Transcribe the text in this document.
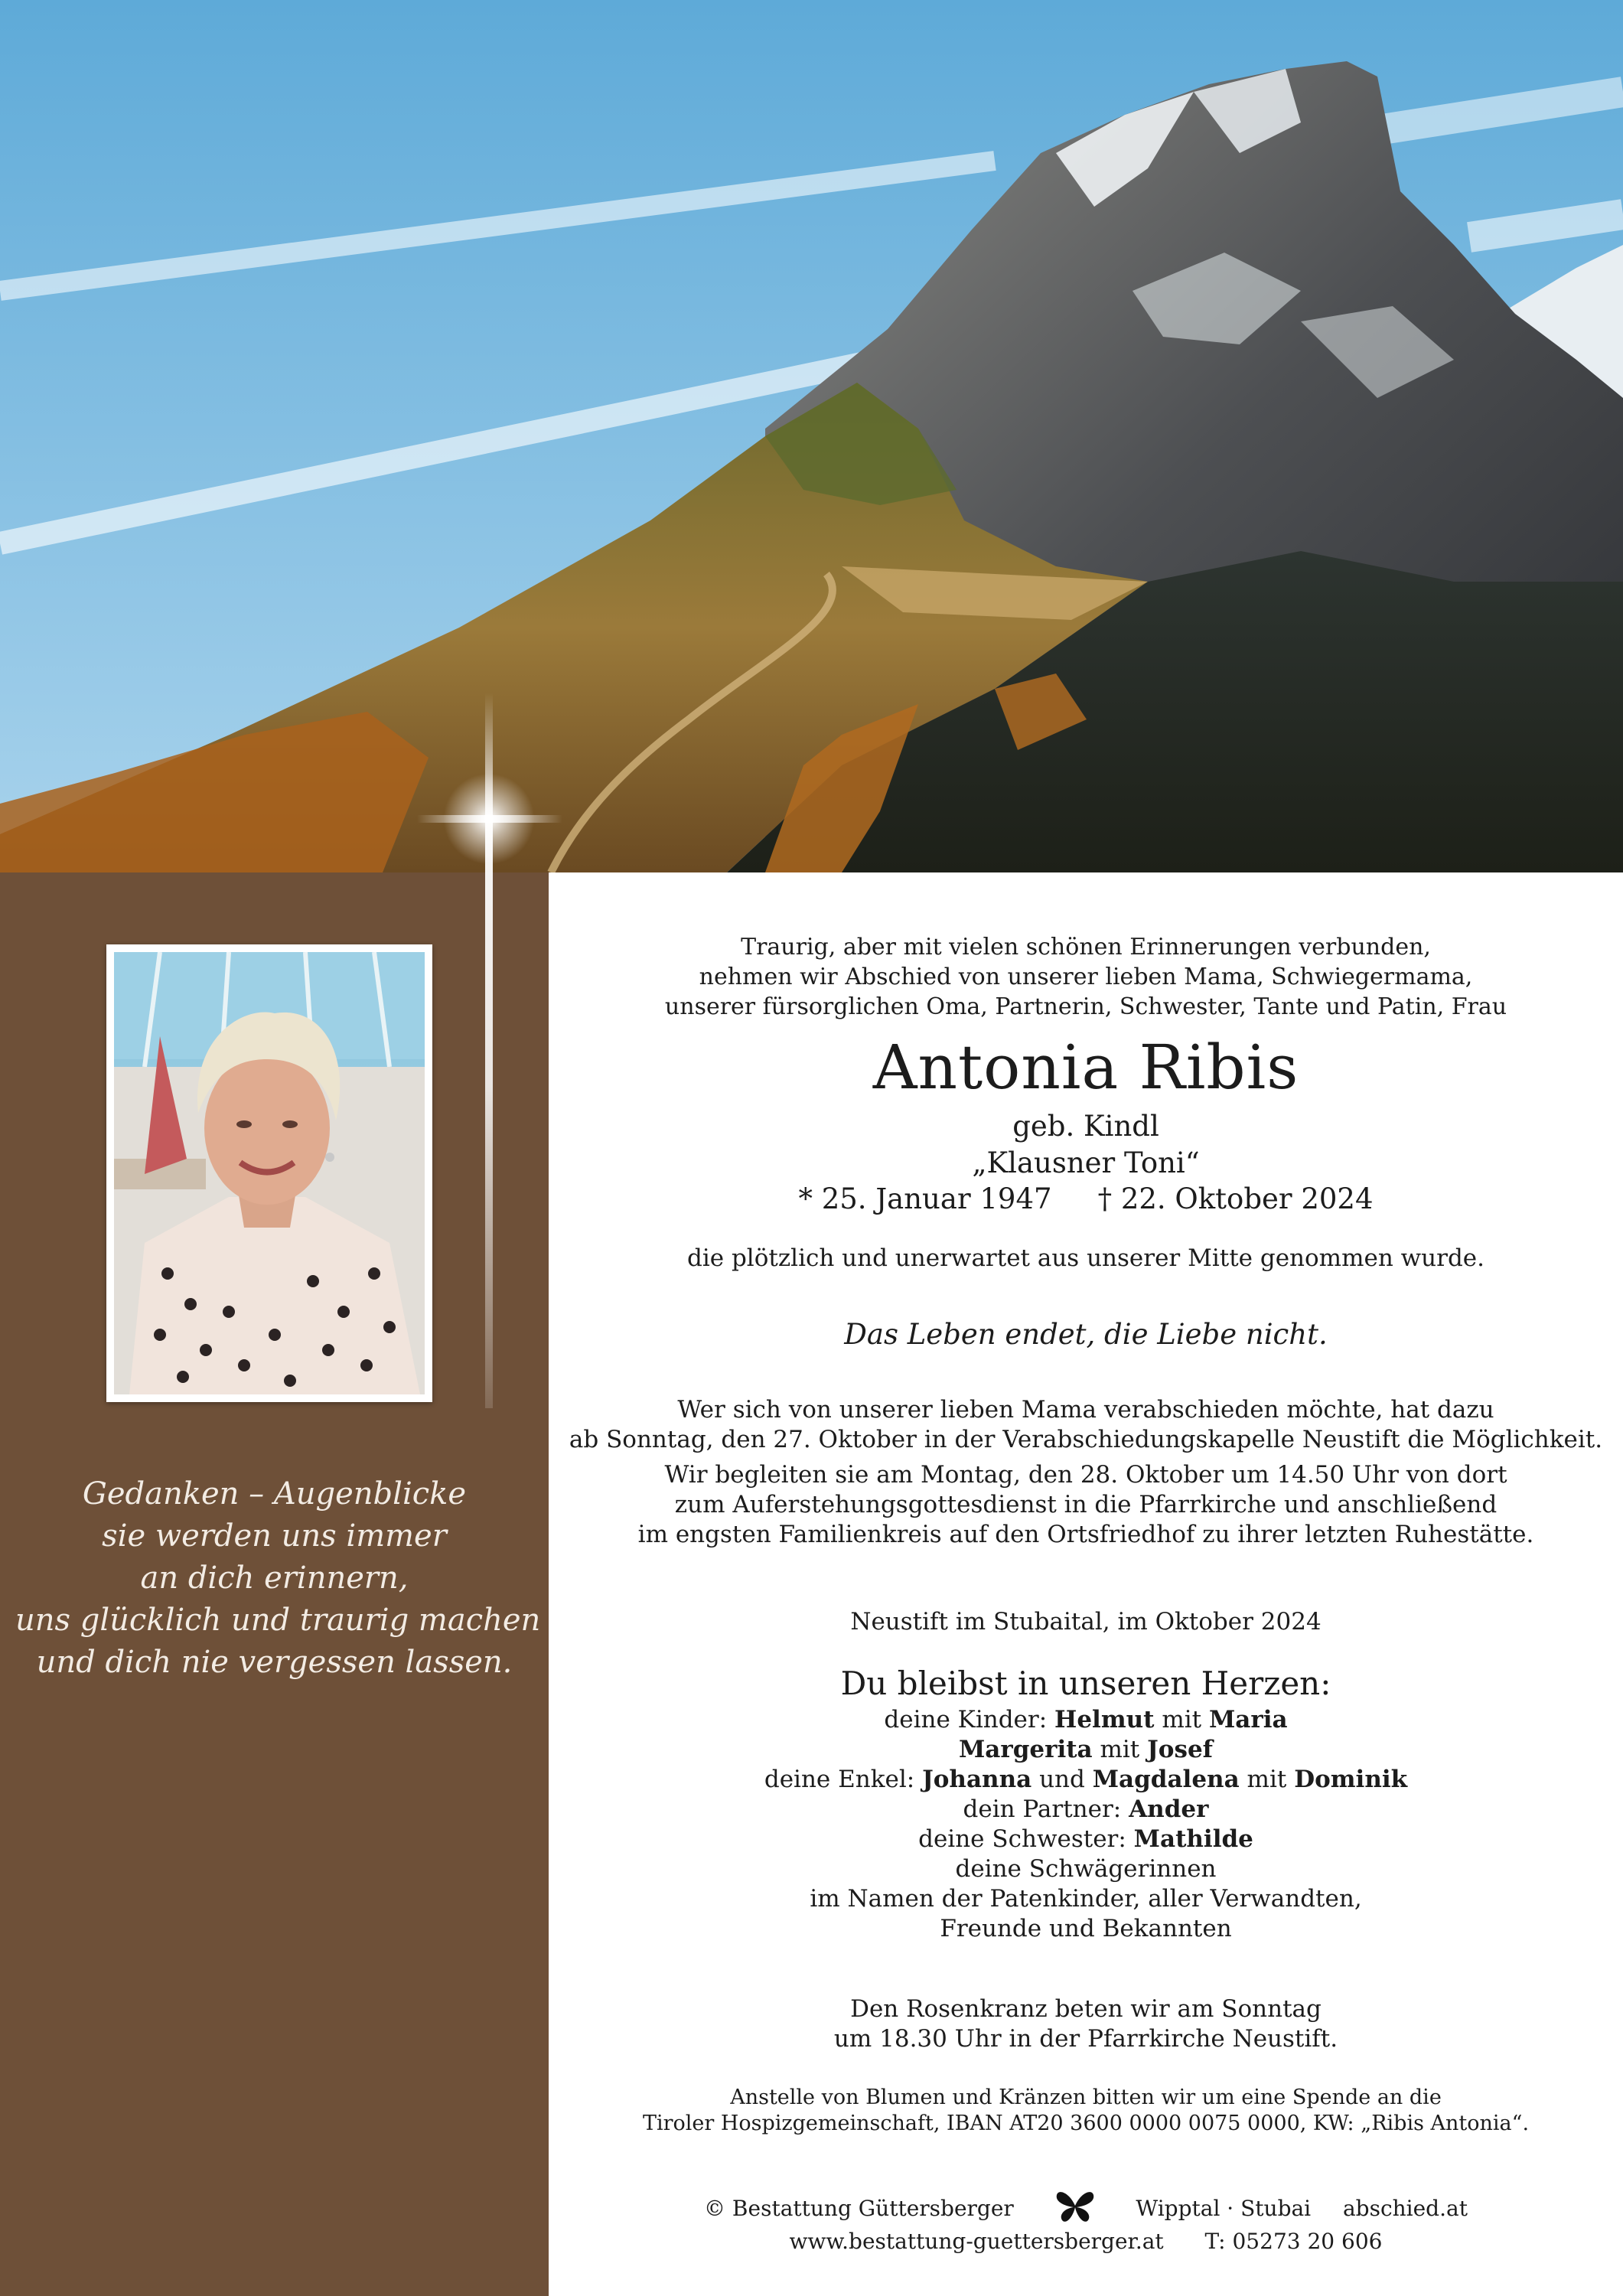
Gedanken – Augenblicke
sie werden uns immer
an dich erinnern,
uns glücklich und traurig machen
und dich nie vergessen lassen.
Traurig, aber mit vielen schönen Erinnerungen verbunden,
nehmen wir Abschied von unserer lieben Mama, Schwiegermama,
unserer fürsorglichen Oma, Partnerin, Schwester, Tante und Patin, Frau
Antonia Ribis
geb. Kindl
„Klausner Toni“
* 25. Januar 1947 † 22. Oktober 2024
die plötzlich und unerwartet aus unserer Mitte genommen wurde.
Das Leben endet, die Liebe nicht.
Wer sich von unserer lieben Mama verabschieden möchte, hat dazu
ab Sonntag, den 27. Oktober in der Verabschiedungskapelle Neustift die Möglichkeit.
Wir begleiten sie am Montag, den 28. Oktober um 14.50 Uhr von dort
zum Auferstehungsgottesdienst in die Pfarrkirche und anschließend
im engsten Familienkreis auf den Ortsfriedhof zu ihrer letzten Ruhestätte.
Neustift im Stubaital, im Oktober 2024
Du bleibst in unseren Herzen:
deine Kinder: Helmut mit Maria
Margerita mit Josef
deine Enkel: Johanna und Magdalena mit Dominik
dein Partner: Ander
deine Schwester: Mathilde
deine Schwägerinnen
im Namen der Patenkinder, aller Verwandten,
Freunde und Bekannten
Den Rosenkranz beten wir am Sonntag
um 18.30 Uhr in der Pfarrkirche Neustift.
Anstelle von Blumen und Kränzen bitten wir um eine Spende an die
Tiroler Hospizgemeinschaft, IBAN AT20 3600 0000 0075 0000, KW: „Ribis Antonia“.
© Bestattung Güttersberger	Wipptal · Stubai abschied.at
www.bestattung-guettersberger.at T: 05273 20 606
